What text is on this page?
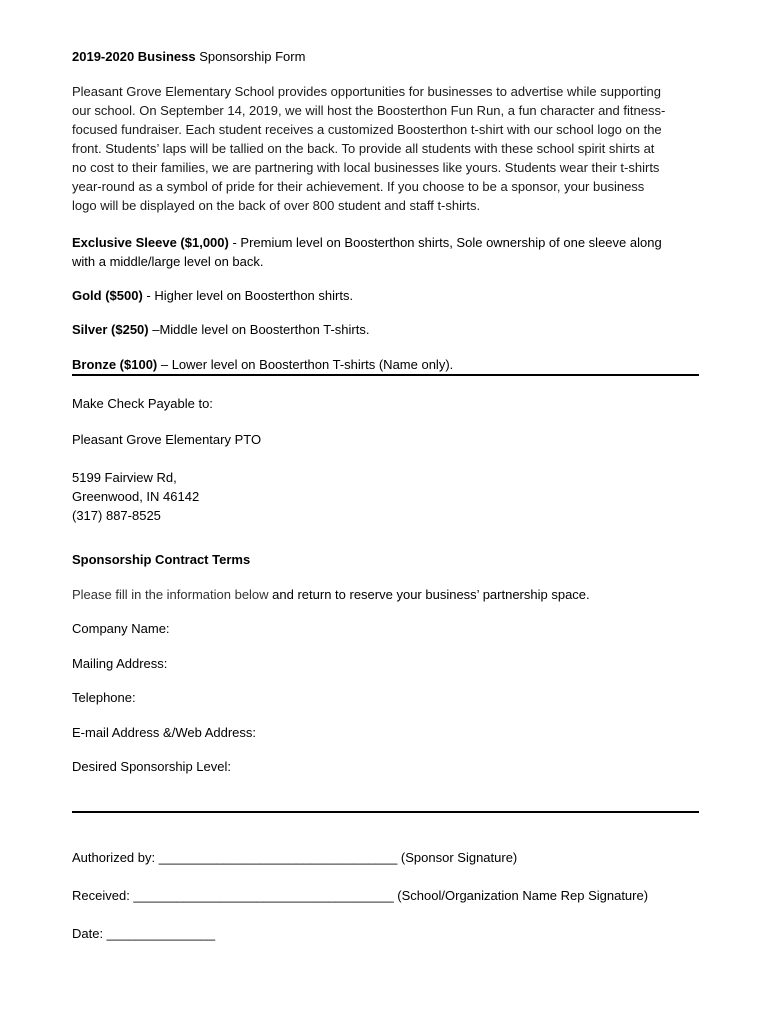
2019-2020 Business Sponsorship Form
Pleasant Grove Elementary School provides opportunities for businesses to advertise while supporting
our school. On September 14, 2019, we will host the Boosterthon Fun Run, a fun character and fitness-
focused fundraiser. Each student receives a customized Boosterthon t-shirt with our school logo on the
front. Students’ laps will be tallied on the back. To provide all students with these school spirit shirts at
no cost to their families, we are partnering with local businesses like yours. Students wear their t-shirts
year-round as a symbol of pride for their achievement. If you choose to be a sponsor, your business
logo will be displayed on the back of over 800 student and staff t-shirts.
Exclusive Sleeve ($1,000) - Premium level on Boosterthon shirts, Sole ownership of one sleeve along
with a middle/large level on back.
Gold ($500) - Higher level on Boosterthon shirts.
Silver ($250) –Middle level on Boosterthon T-shirts.
Bronze ($100) – Lower level on Boosterthon T-shirts (Name only).
Make Check Payable to:
Pleasant Grove Elementary PTO
5199 Fairview Rd,
Greenwood, IN 46142
(317) 887-8525
Sponsorship Contract Terms
Please fill in the information below and return to reserve your business’ partnership space.
Company Name:
Mailing Address:
Telephone:
E-mail Address &/Web Address:
Desired Sponsorship Level:
Authorized by: _________________________________ (Sponsor Signature)
Received: ____________________________________ (School/Organization Name Rep Signature)
Date: _______________
